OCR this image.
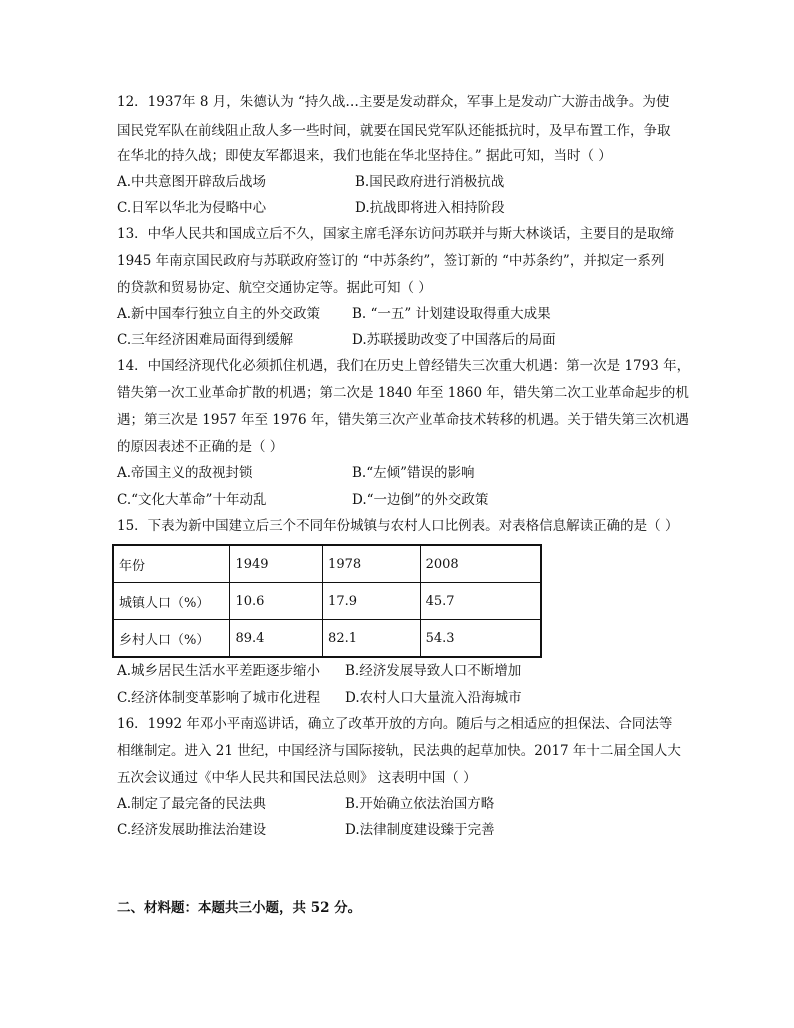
12．1937年 8 月，朱德认为 “持久战…主要是发动群众，军事上是发动广大游击战争。为使
国民党军队在前线阻止敌人多一些时间，就要在国民党军队还能抵抗时，及早布置工作，争取
在华北的持久战；即使友军都退来，我们也能在华北坚持住。” 据此可知，当时（ ）
A.中共意图开辟敌后战场	B.国民政府进行消极抗战
C.日军以华北为侵略中心	D.抗战即将进入相持阶段
13．中华人民共和国成立后不久，国家主席毛泽东访问苏联并与斯大林谈话，主要目的是取缔
1945 年南京国民政府与苏联政府签订的 “中苏条约”，签订新的 “中苏条约”，并拟定一系列
的贷款和贸易协定、航空交通协定等。据此可知（ ）
A.新中国奉行独立自主的外交政策 B. “一五” 计划建设取得重大成果
C.三年经济困难局面得到缓解	D.苏联援助改变了中国落后的局面
14．中国经济现代化必须抓住机遇，我们在历史上曾经错失三次重大机遇：第一次是 1793 年，
错失第一次工业革命扩散的机遇；第二次是 1840 年至 1860 年，错失第二次工业革命起步的机
遇；第三次是 1957 年至 1976 年，错失第三次产业革命技术转移的机遇。关于错失第三次机遇
的原因表述不正确的是（ ）
A.帝国主义的敌视封锁	B.“左倾”错误的影响
C.“文化大革命”十年动乱	D.“一边倒”的外交政策
15．下表为新中国建立后三个不同年份城镇与农村人口比例表。对表格信息解读正确的是（ ）
年份	1949	1978	2008
城镇人口（%）	10.6	17.9	45.7
乡村人口（%）	89.4	82.1	54.3
A.城乡居民生活水平差距逐步缩小 B.经济发展导致人口不断增加
C.经济体制变革影响了城市化进程 D.农村人口大量流入沿海城市
16．1992 年邓小平南巡讲话，确立了改革开放的方向。随后与之相适应的担保法、合同法等
相继制定。进入 21 世纪，中国经济与国际接轨，民法典的起草加快。2017 年十二届全国人大
五次会议通过《中华人民共和国民法总则》 这表明中国（ ）
A.制定了最完备的民法典	B.开始确立依法治国方略
C.经济发展助推法治建设	D.法律制度建设臻于完善
二、材料题：本题共三小题，共 52 分。
